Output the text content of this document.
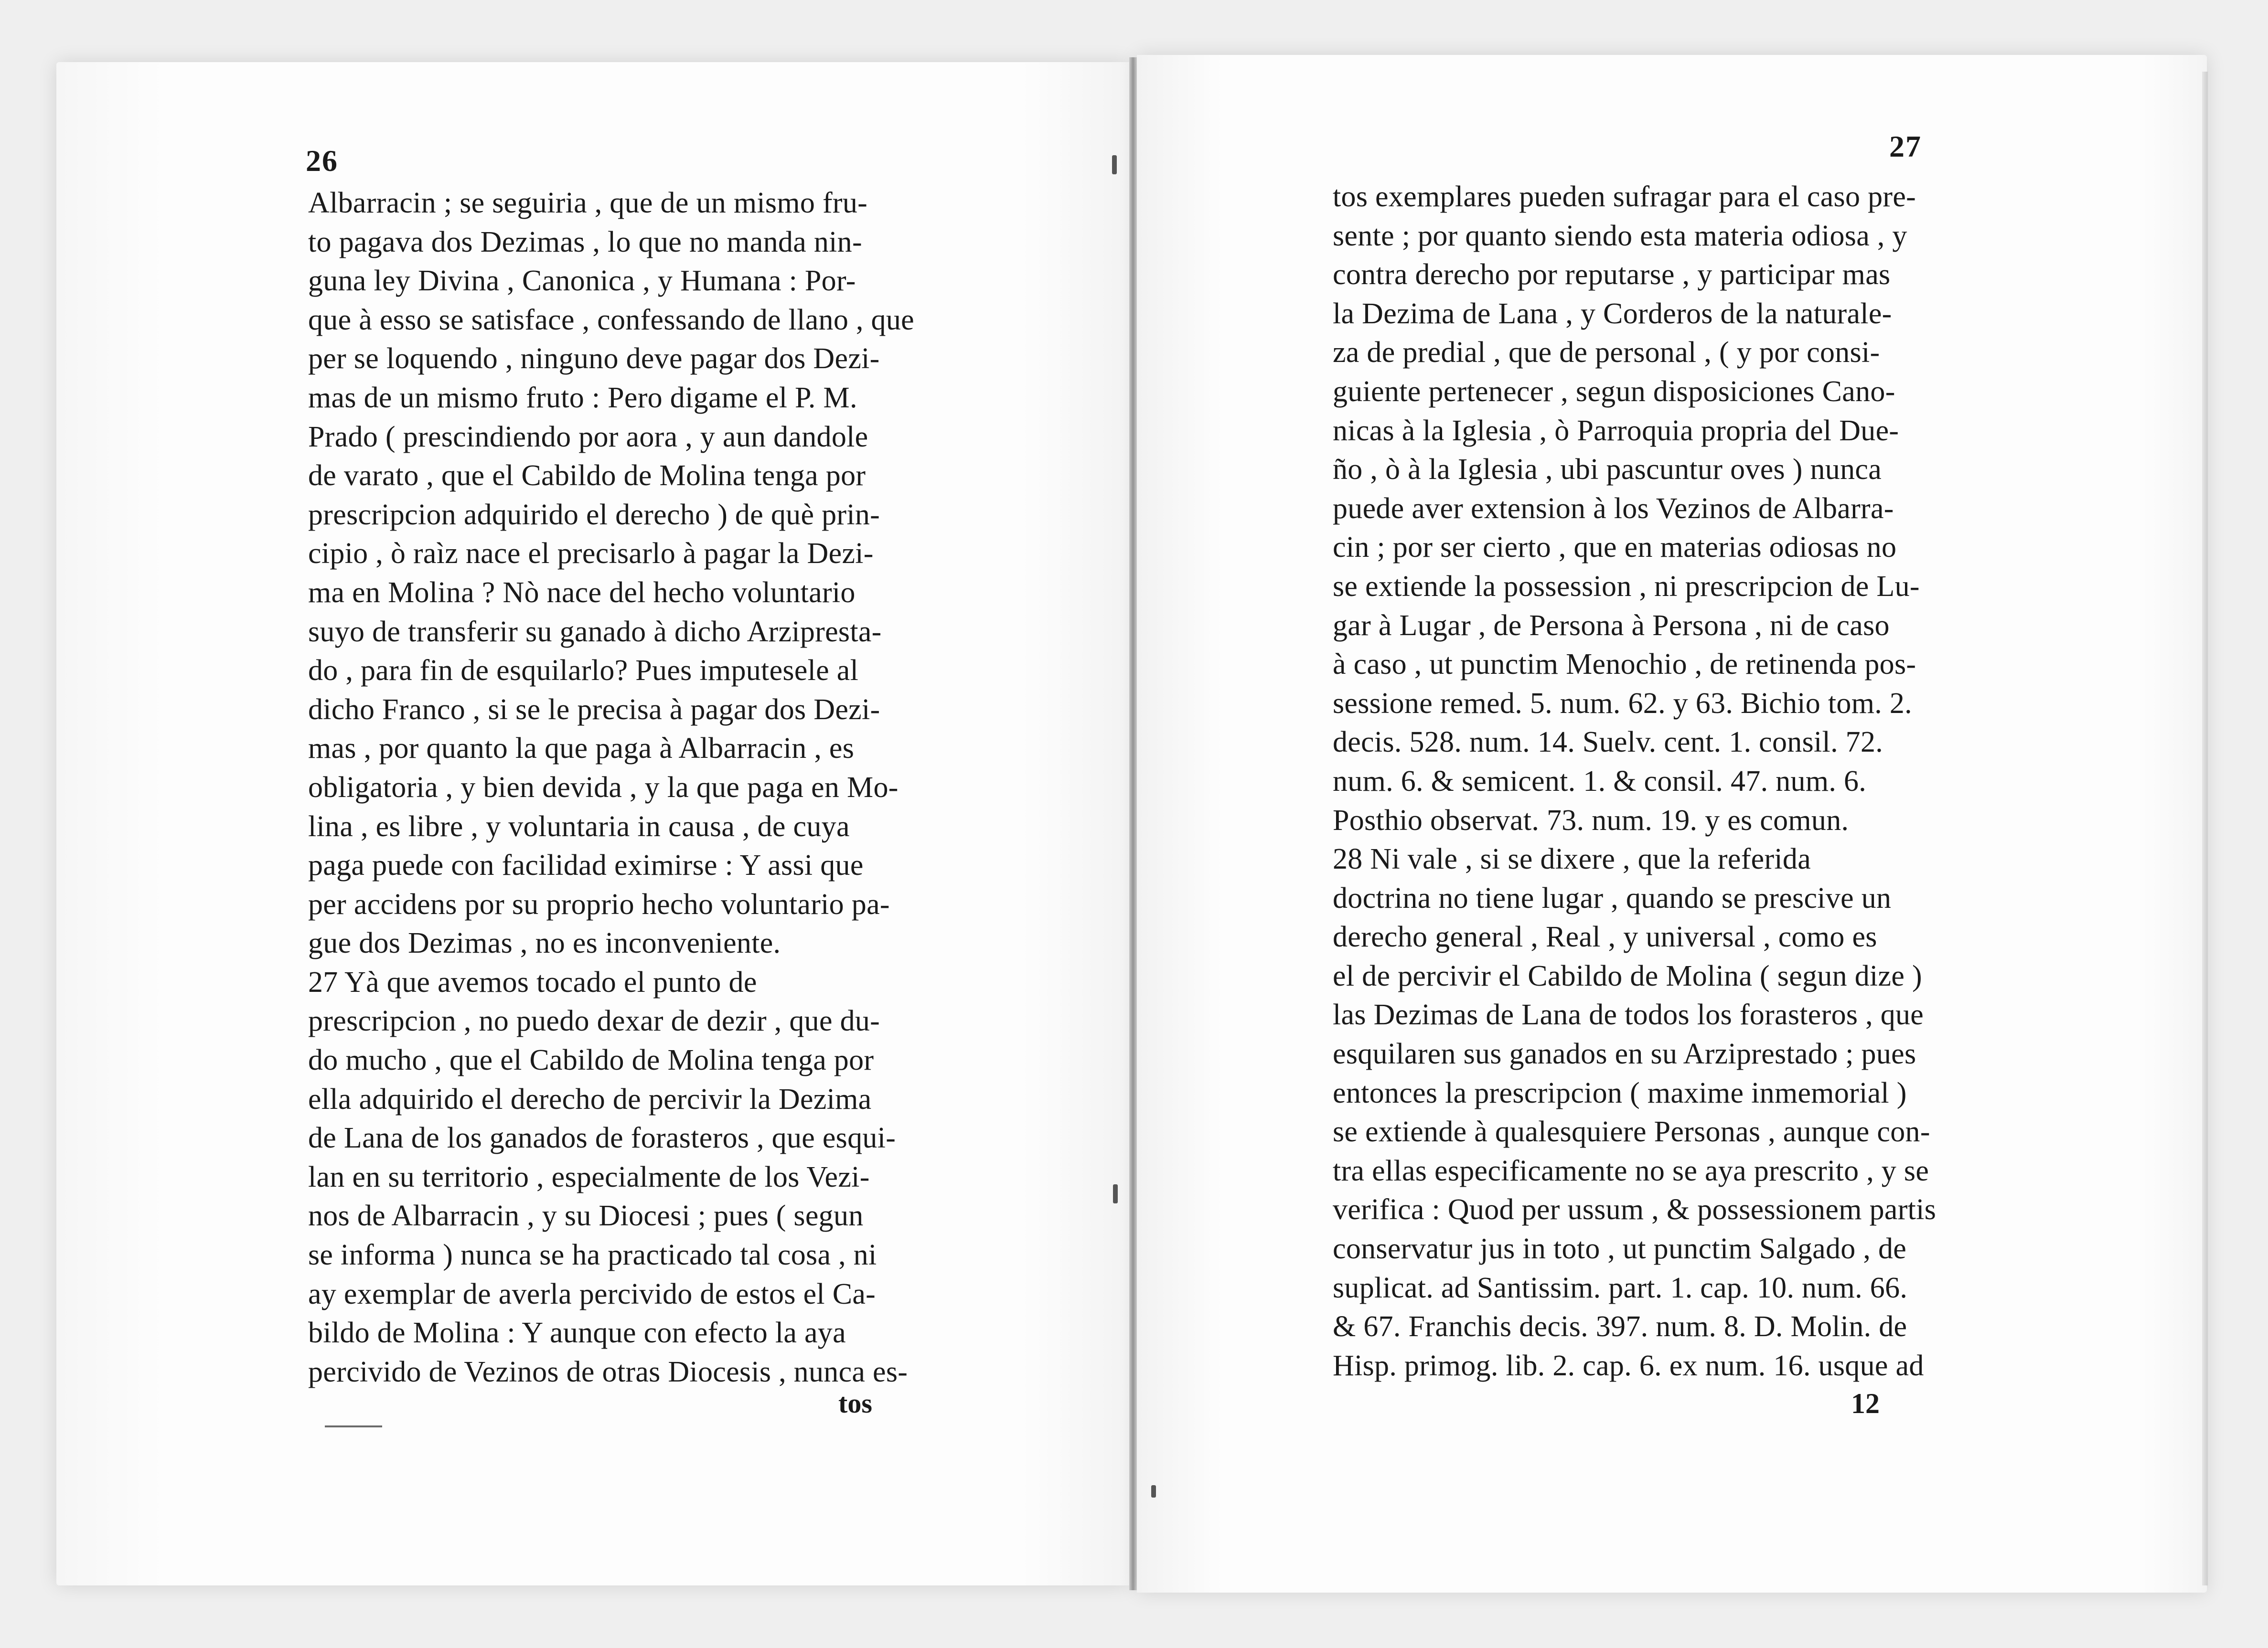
26
Albarracin ; se seguiria , que de un mismo fru-
to pagava dos Dezimas , lo que no manda nin-
guna ley Divina , Canonica , y Humana : Por-
que à esso se satisface , confessando de llano , que
per se loquendo , ninguno deve pagar dos Dezi-
mas de un mismo fruto : Pero digame el P. M.
Prado ( prescindiendo por aora , y aun dandole
de varato , que el Cabildo de Molina tenga por
prescripcion adquirido el derecho ) de què prin-
cipio , ò raìz nace el precisarlo à pagar la Dezi-
ma en Molina ? Nò nace del hecho voluntario
suyo de transferir su ganado à dicho Arziprestа-
do , para fin de esquilarlo? Pues imputesele al
dicho Franco , si se le precisa à pagar dos Dezi-
mas , por quanto la que paga à Albarracin , es
obligatoria , y bien devida , y la que paga en Mo-
lina , es libre , y voluntaria in causa , de cuya
paga puede con facilidad eximirse : Y assi que
per accidens por su proprio hecho voluntario pa-
gue dos Dezimas , no es inconveniente.
27 Yà que avemos tocado el punto de
prescripcion , no puedo dexar de dezir , que du-
do mucho , que el Cabildo de Molina tenga por
ella adquirido el derecho de percivir la Dezima
de Lana de los ganados de forasteros , que esqui-
lan en su territorio , especialmente de los Vezi-
nos de Albarracin , y su Diocesi ; pues ( segun
se informa ) nunca se ha practicado tal cosa , ni
ay exemplar de averla percivido de estos el Ca-
bildo de Molina : Y aunque con efecto la aya
percivido de Vezinos de otras Diocesis , nunca es-
tos
27
tos exemplares pueden sufragar para el caso pre-
sente ; por quanto siendo esta materia odiosa , y
contra derecho por reputarse , y participar mas
la Dezima de Lana , y Corderos de la naturale-
za de predial , que de personal , ( y por consi-
guiente pertenecer , segun disposiciones Cano-
nicas à la Iglesia , ò Parroquia propria del Due-
ño , ò à la Iglesia , ubi pascuntur oves ) nunca
puede aver extension à los Vezinos de Albarra-
cin ; por ser cierto , que en materias odiosas no
se extiende la possession , ni prescripcion de Lu-
gar à Lugar , de Persona à Persona , ni de caso
à caso , ut punctim Menochio , de retinenda pos-
sessione remed. 5. num. 62. y 63. Bichio tom. 2.
decis. 528. num. 14. Suelv. cent. 1. consil. 72.
num. 6. & semicent. 1. & consil. 47. num. 6.
Posthio observat. 73. num. 19. y es comun.
28 Ni vale , si se dixere , que la referida
doctrina no tiene lugar , quando se prescive un
derecho general , Real , y universal , como es
el de percivir el Cabildo de Molina ( segun dize )
las Dezimas de Lana de todos los forasteros , que
esquilaren sus ganados en su Arziprestado ; pues
entonces la prescripcion ( maxime inmemorial )
se extiende à qualesquiere Personas , aunque con-
tra ellas especificamente no se aya prescrito , y se
verifica : Quod per ussum , & possessionem partis
conservatur jus in toto , ut punctim Salgado , de
suplicat. ad Santissim. part. 1. cap. 10. num. 66.
& 67. Franchis decis. 397. num. 8. D. Molin. de
Hisp. primog. lib. 2. cap. 6. ex num. 16. usque ad
12
